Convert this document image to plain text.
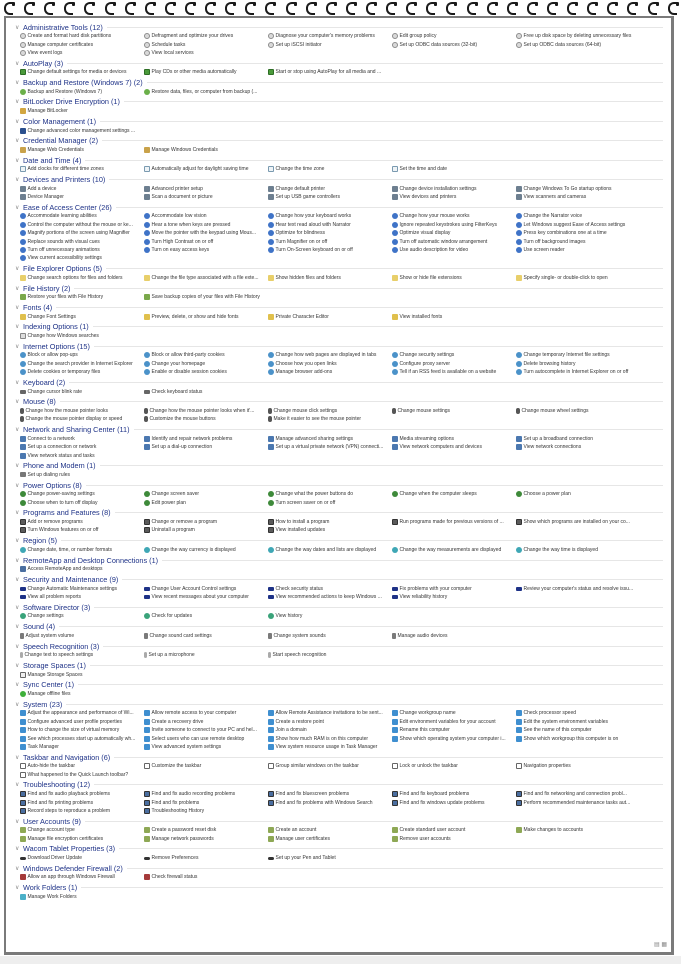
∨ Administrative Tools (12)
Create and format hard disk partitions	Defragment and optimize your drives	Diagnose your computer's memory problems	Edit group policy	Free up disk space by deleting unnecessary files
Manage computer certificates	Schedule tasks	Set up iSCSI initiator	Set up ODBC data sources (32-bit)	Set up ODBC data sources (64-bit)
View event logs	View local services
∨ AutoPlay (3)
Change default settings for media or devices	Play CDs or other media automatically	Start or stop using AutoPlay for all media and ...
∨ Backup and Restore (Windows 7) (2)
Backup and Restore (Windows 7)	Restore data, files, or computer from backup (...
∨ BitLocker Drive Encryption (1)
Manage BitLocker
∨ Color Management (1)
Change advanced color management settings ...
∨ Credential Manager (2)
Manage Web Credentials	Manage Windows Credentials
∨ Date and Time (4)
Add clocks for different time zones	Automatically adjust for daylight saving time	Change the time zone	Set the time and date
∨ Devices and Printers (10)
Add a device	Advanced printer setup	Change default printer	Change device installation settings	Change Windows To Go startup options
Device Manager	Scan a document or picture	Set up USB game controllers	View devices and printers	View scanners and cameras
∨ Ease of Access Center (26)
Accommodate learning abilities	Accommodate low vision	Change how your keyboard works	Change how your mouse works	Change the Narrator voice
Control the computer without the mouse or ke...	Hear a tone when keys are pressed	Hear text read aloud with Narrator	Ignore repeated keystrokes using FilterKeys	Let Windows suggest Ease of Access settings
Magnify portions of the screen using Magnifier	Move the pointer with the keypad using Mous...	Optimize for blindness	Optimize visual display	Press key combinations one at a time
Replace sounds with visual cues	Turn High Contrast on or off	Turn Magnifier on or off	Turn off automatic window arrangement	Turn off background images
Turn off unnecessary animations	Turn on easy access keys	Turn On-Screen keyboard on or off	Use audio description for video	Use screen reader
View current accessibility settings
∨ File Explorer Options (5)
Change search options for files and folders	Change the file type associated with a file exte...	Show hidden files and folders	Show or hide file extensions	Specify single- or double-click to open
∨ File History (2)
Restore your files with File History	Save backup copies of your files with File History
∨ Fonts (4)
Change Font Settings	Preview, delete, or show and hide fonts	Private Character Editor	View installed fonts
∨ Indexing Options (1)
Change how Windows searches
∨ Internet Options (15)
Block or allow pop-ups	Block or allow third-party cookies	Change how web pages are displayed in tabs	Change security settings	Change temporary Internet file settings
Change the search provider in Internet Explorer	Change your homepage	Choose how you open links	Configure proxy server	Delete browsing history
Delete cookies or temporary files	Enable or disable session cookies	Manage browser add-ons	Tell if an RSS feed is available on a website	Turn autocomplete in Internet Explorer on or off
∨ Keyboard (2)
Change cursor blink rate	Check keyboard status
∨ Mouse (8)
Change how the mouse pointer looks	Change how the mouse pointer looks when it'...	Change mouse click settings	Change mouse settings	Change mouse wheel settings
Change the mouse pointer display or speed	Customize the mouse buttons	Make it easier to see the mouse pointer
∨ Network and Sharing Center (11)
Connect to a network	Identify and repair network problems	Manage advanced sharing settings	Media streaming options	Set up a broadband connection
Set up a connection or network	Set up a dial-up connection	Set up a virtual private network (VPN) connecti...	View network computers and devices	View network connections
View network status and tasks
∨ Phone and Modem (1)
Set up dialing rules
∨ Power Options (8)
Change power-saving settings	Change screen saver	Change what the power buttons do	Change when the computer sleeps	Choose a power plan
Choose when to turn off display	Edit power plan	Turn screen saver on or off
∨ Programs and Features (8)
Add or remove programs	Change or remove a program	How to install a program	Run programs made for previous versions of ...	Show which programs are installed on your co...
Turn Windows features on or off	Uninstall a program	View installed updates
∨ Region (5)
Change date, time, or number formats	Change the way currency is displayed	Change the way dates and lists are displayed	Change the way measurements are displayed	Change the way time is displayed
∨ RemoteApp and Desktop Connections (1)
Access RemoteApp and desktops
∨ Security and Maintenance (9)
Change Automatic Maintenance settings	Change User Account Control settings	Check security status	Fix problems with your computer	Review your computer's status and resolve issu...
View all problem reports	View recent messages about your computer	View recommended actions to keep Windows ...	View reliability history
∨ Software Director (3)
Change settings	Check for updates	View history
∨ Sound (4)
Adjust system volume	Change sound card settings	Change system sounds	Manage audio devices
∨ Speech Recognition (3)
Change text to speech settings	Set up a microphone	Start speech recognition
∨ Storage Spaces (1)
Manage Storage Spaces
∨ Sync Center (1)
Manage offline files
∨ System (23)
Adjust the appearance and performance of Wi...	Allow remote access to your computer	Allow Remote Assistance invitations to be sent...	Change workgroup name	Check processor speed
Configure advanced user profile properties	Create a recovery drive	Create a restore point	Edit environment variables for your account	Edit the system environment variables
How to change the size of virtual memory	Invite someone to connect to your PC and hel...	Join a domain	Rename this computer	See the name of this computer
See which processes start up automatically wh...	Select users who can use remote desktop	Show how much RAM is on this computer	Show which operating system your computer i...	Show which workgroup this computer is on
Task Manager	View advanced system settings	View system resource usage in Task Manager
∨ Taskbar and Navigation (6)
Auto-hide the taskbar	Customize the taskbar	Group similar windows on the taskbar	Lock or unlock the taskbar	Navigation properties
What happened to the Quick Launch toolbar?
∨ Troubleshooting (12)
Find and fix audio playback problems	Find and fix audio recording problems	Find and fix bluescreen problems	Find and fix keyboard problems	Find and fix networking and connection probl...
Find and fix printing problems	Find and fix problems	Find and fix problems with Windows Search	Find and fix windows update problems	Perform recommended maintenance tasks aut...
Record steps to reproduce a problem	Troubleshooting History
∨ User Accounts (9)
Change account type	Create a password reset disk	Create an account	Create standard user account	Make changes to accounts
Manage file encryption certificates	Manage network passwords	Manage user certificates	Remove user accounts
∨ Wacom Tablet Properties (3)
Download Driver Update	Remove Preferences	Set up your Pen and Tablet
∨ Windows Defender Firewall (2)
Allow an app through Windows Firewall	Check firewall status
∨ Work Folders (1)
Manage Work Folders
▤ ▦
